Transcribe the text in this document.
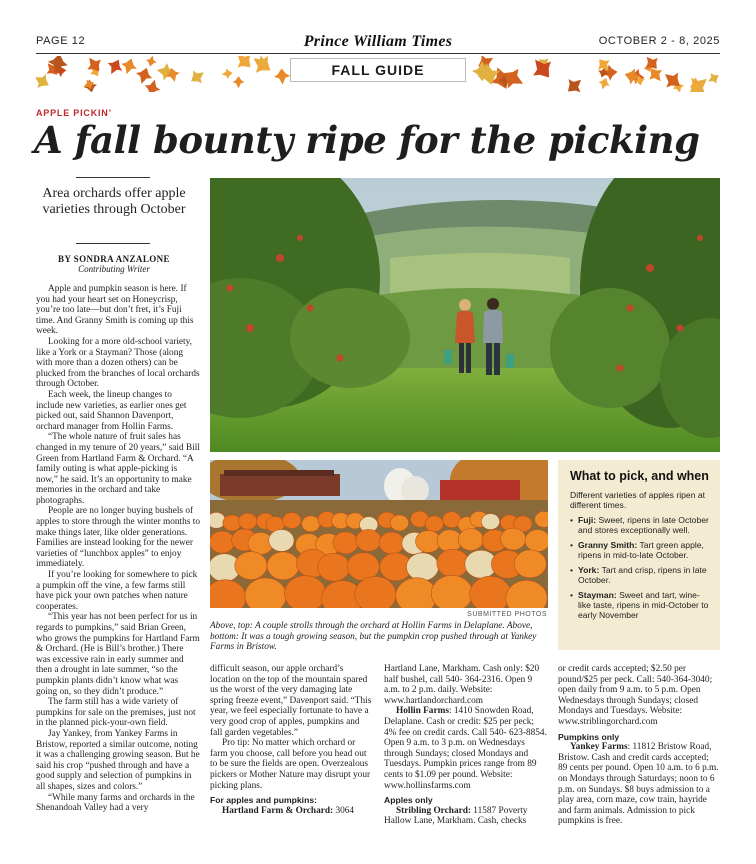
PAGE 12	Prince William Times	OCTOBER 2 - 8, 2025
FALL GUIDE
APPLE PICKIN’
A fall bounty ripe for the picking
Area orchards offer apple varieties through October
BY SONDRA ANZALONE
Contributing Writer

Apple and pumpkin season is here. If you had your heart set on Honeycrisp, you’re too late—but don’t fret, it’s Fuji time. And Granny Smith is coming up this week.

Looking for a more old-school variety, like a York or a Stayman? Those (along with more than a dozen others) can be plucked from the branches of local orchards through October.

Each week, the lineup changes to include new varieties, as earlier ones get picked out, said Shannon Davenport, orchard manager from Hollin Farms.

“The whole nature of fruit sales has changed in my tenure of 20 years,” said Bill Green from Hartland Farm & Orchard. “A family outing is what apple-picking is now,” he said. It’s an opportunity to make memories in the orchard and take photographs.

People are no longer buying bushels of apples to store through the winter months to make things later, like older generations. Families are instead looking for the newer varieties of “lunchbox apples” to enjoy immediately.

If you’re looking for somewhere to pick a pumpkin off the vine, a few farms still have pick your own patches when nature cooperates.

“This year has not been perfect for us in regards to pumpkins,” said Brian Green, who grows the pumpkins for Hartland Farm & Orchard. (He is Bill’s brother.) There was excessive rain in early summer and then a drought in late summer, “so the pumpkin plants didn’t know what was going on, so they didn’t produce.”

The farm still has a wide variety of pumpkins for sale on the premises, just not in the planned pick-your-own field.

Jay Yankey, from Yankey Farms in Bristow, reported a similar outcome, noting it was a challenging growing season. But he said his crop “pushed through and have a good supply and selection of pumpkins in all shapes, sizes and colors.”

“While many farms and orchards in the Shenandoah Valley had a very

SUBMITTED PHOTOS
Above, top: A couple strolls through the orchard at Hollin Farms in Delaplane. Above, bottom: It was a tough growing season, but the pumpkin crop pushed through at Yankey Farms in Bristow.
What to pick, and when
Different varieties of apples ripen at different times.
• Fuji: Sweet, ripens in late October and stores exceptionally well.
• Granny Smith: Tart green apple, ripens in mid-to-late October.
• York: Tart and crisp, ripens in late October.
• Stayman: Sweet and tart, wine-like taste, ripens in mid-October to early November

difficult season, our apple orchard’s location on the top of the mountain spared us the worst of the very damaging late spring freeze event,” Davenport said. “This year, we feel especially fortunate to have a very good crop of apples, pumpkins and fall garden vegetables.”

Pro tip: No matter which orchard or farm you choose, call before you head out to be sure the fields are open. Overzealous pickers or Mother Nature may disrupt your picking plans.

For apples and pumpkins:

Hartland Farm & Orchard: 3064

Hartland Lane, Markham. Cash only: $20 half bushel, call 540- 364-2316. Open 9 a.m. to 2 p.m. daily. Website: www.hartlandorchard.com

Hollin Farms: 1410 Snowden Road, Delaplane. Cash or credit: $25 per peck; 4% fee on credit cards. Call 540- 623-8854. Open 9 a.m. to 3 p.m. on Wednesdays through Sundays; closed Mondays and Tuesdays. Pumpkin prices range from 89 cents to $1.09 per pound. Website: www.hollinsfarms.com

Apples only

Stribling Orchard: 11587 Poverty Hallow Lane, Markham. Cash, checks

or credit cards accepted; $2.50 per pound/$25 per peck. Call: 540-364-3040; open daily from 9 a.m. to 5 p.m. Open Wednesdays through Sundays; closed Mondays and Tuesdays. Website: www.striblingorchard.com

Pumpkins only

Yankey Farms: 11812 Bristow Road, Bristow. Cash and credit cards accepted; 89 cents per pound. Open 10 a.m. to 6 p.m. on Mondays through Saturdays; noon to 6 p.m. on Sundays. $8 buys admission to a play area, corn maze, cow train, hayride and farm animals. Admission to pick pumpkins is free.
